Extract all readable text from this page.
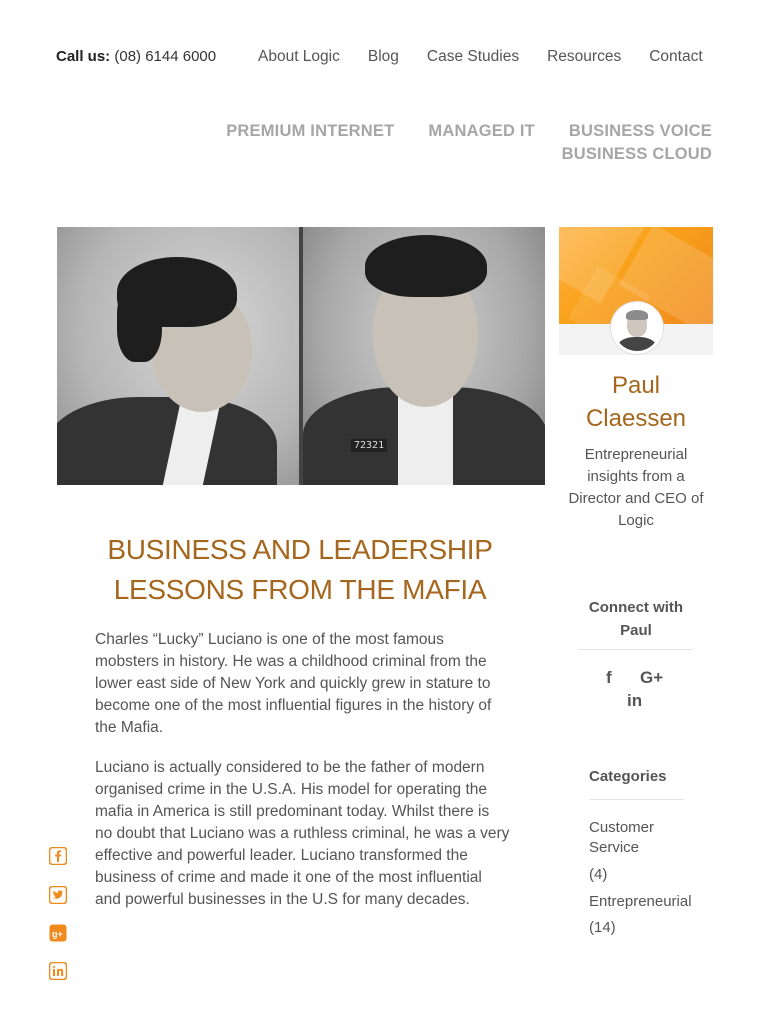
Call us: (08) 6144 6000	About Logic Blog Case Studies Resources Contact
PREMIUM INTERNET MANAGED IT BUSINESS VOICE
BUSINESS CLOUD
72321
BUSINESS AND LEADERSHIP LESSONS FROM THE MAFIA

Charles “Lucky” Luciano is one of the most famous mobsters in history. He was a childhood criminal from the lower east side of New York and quickly grew in stature to become one of the most influential figures in the history of the Mafia.

Luciano is actually considered to be the father of modern organised crime in the U.S.A. His model for operating the mafia in America is still predominant today. Whilst there is no doubt that Luciano was a ruthless criminal, he was a very effective and powerful leader. Luciano transformed the business of crime and made it one of the most influential and powerful businesses in the U.S for many decades.

g+
Paul
Claessen
Entrepreneurial insights from a Director and CEO of Logic
Connect with Paul
f G+
in
Categories
Customer Service
(4)
Entrepreneurial
(14)
